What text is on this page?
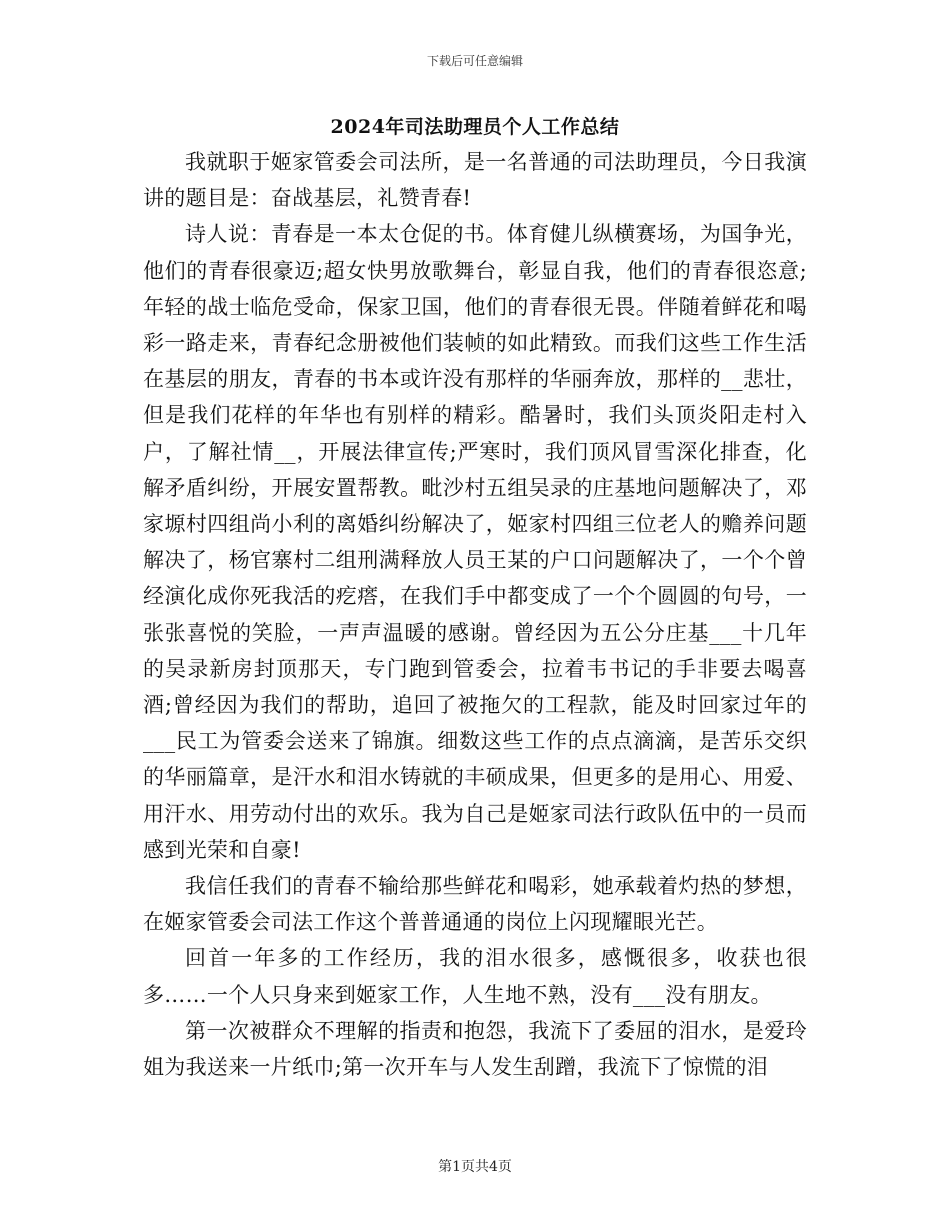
下载后可任意编辑
2024年司法助理员个人工作总结

我就职于姬家管委会司法所，是一名普通的司法助理员，今日我演讲的题目是：奋战基层，礼赞青春!

诗人说：青春是一本太仓促的书。体育健儿纵横赛场，为国争光，他们的青春很豪迈;超女快男放歌舞台，彰显自我，他们的青春很恣意;年轻的战士临危受命，保家卫国，他们的青春很无畏。伴随着鲜花和喝彩一路走来，青春纪念册被他们装帧的如此精致。而我们这些工作生活在基层的朋友，青春的书本或许没有那样的华丽奔放，那样的__悲壮，但是我们花样的年华也有别样的精彩。酷暑时，我们头顶炎阳走村入户，了解社情__，开展法律宣传;严寒时，我们顶风冒雪深化排查，化解矛盾纠纷，开展安置帮教。毗沙村五组吴录的庄基地问题解决了，邓家塬村四组尚小利的离婚纠纷解决了，姬家村四组三位老人的赡养问题解决了，杨官寨村二组刑满释放人员王某的户口问题解决了，一个个曾经演化成你死我活的疙瘩，在我们手中都变成了一个个圆圆的句号，一张张喜悦的笑脸，一声声温暖的感谢。曾经因为五公分庄基___十几年的吴录新房封顶那天，专门跑到管委会，拉着韦书记的手非要去喝喜酒;曾经因为我们的帮助，追回了被拖欠的工程款，能及时回家过年的___民工为管委会送来了锦旗。细数这些工作的点点滴滴，是苦乐交织的华丽篇章，是汗水和泪水铸就的丰硕成果，但更多的是用心、用爱、用汗水、用劳动付出的欢乐。我为自己是姬家司法行政队伍中的一员而感到光荣和自豪!

我信任我们的青春不输给那些鲜花和喝彩，她承载着灼热的梦想，在姬家管委会司法工作这个普普通通的岗位上闪现耀眼光芒。

回首一年多的工作经历，我的泪水很多，感慨很多，收获也很多……一个人只身来到姬家工作，人生地不熟，没有___没有朋友。

第一次被群众不理解的指责和抱怨，我流下了委屈的泪水，是爱玲姐为我送来一片纸巾;第一次开车与人发生刮蹭，我流下了惊慌的泪

第1页共4页
